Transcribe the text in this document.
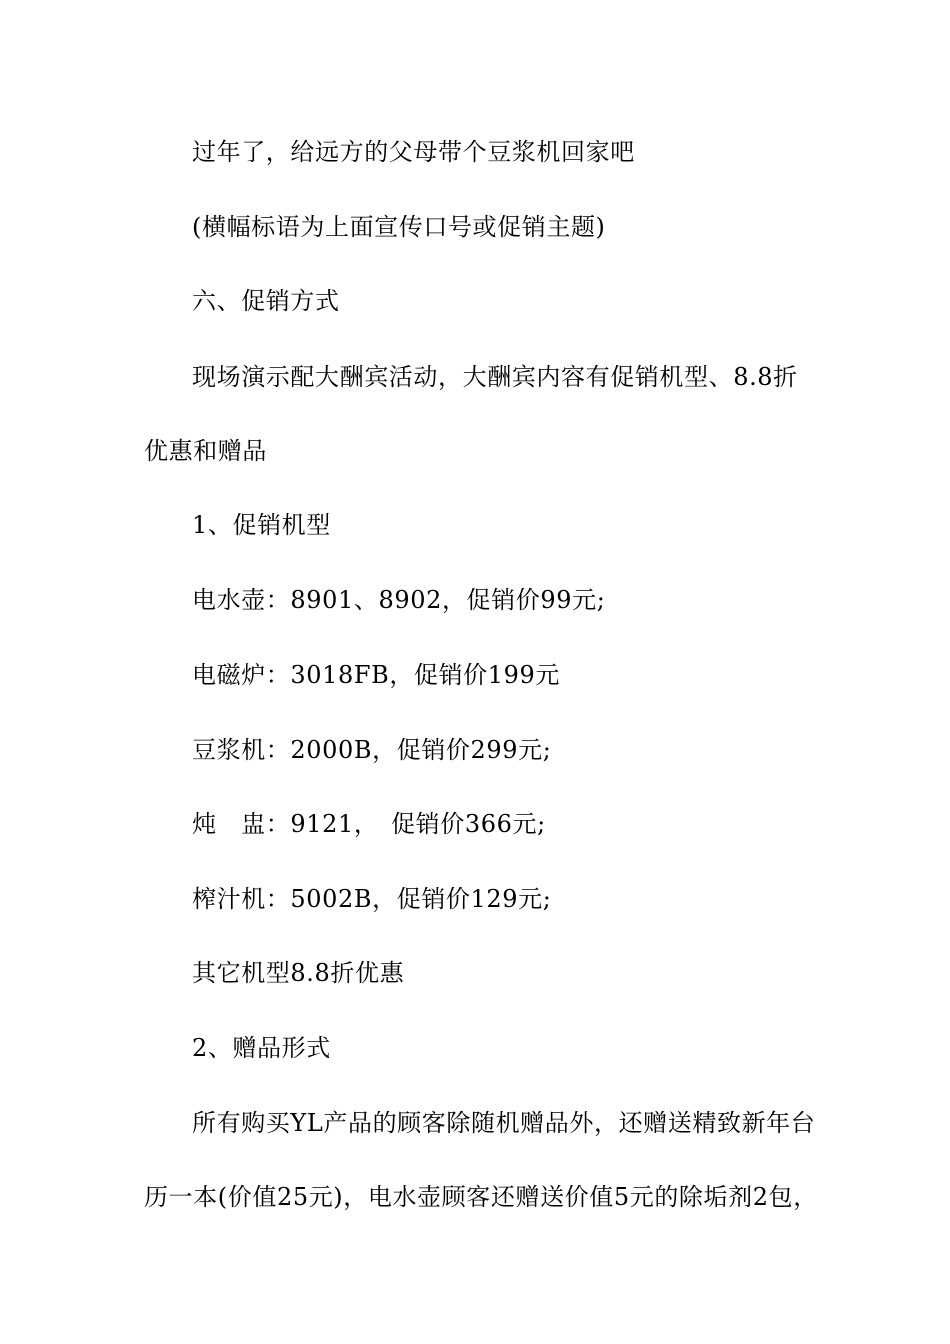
过年了，给远方的父母带个豆浆机回家吧
(横幅标语为上面宣传口号或促销主题)
六、促销方式
现场演示配大酬宾活动，大酬宾内容有促销机型、8.8折
优惠和赠品
1、促销机型
电水壶：8901、8902，促销价99元;
电磁炉：3018FB，促销价199元
豆浆机：2000B，促销价299元;
炖　盅：9121，　促销价366元;
榨汁机：5002B，促销价129元;
其它机型8.8折优惠
2、赠品形式
所有购买YL产品的顾客除随机赠品外，还赠送精致新年台
历一本(价值25元)，电水壶顾客还赠送价值5元的除垢剂2包，
